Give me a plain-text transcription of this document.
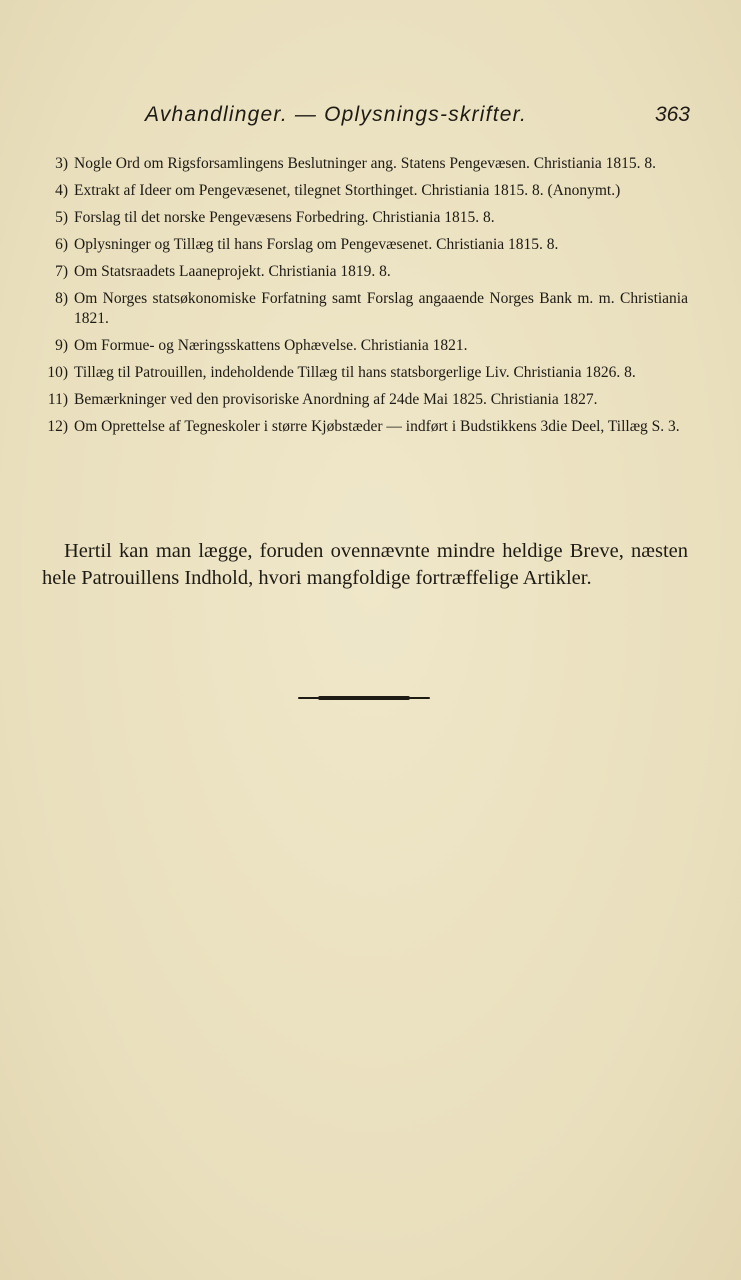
Avhandlinger. — Oplysnings-skrifter.	363
3) Nogle Ord om Rigsforsamlingens Beslutninger ang. Statens Pengevæsen. Christiania 1815. 8.
4) Extrakt af Ideer om Pengevæsenet, tilegnet Storthinget. Christiania 1815. 8. (Anonymt.)
5) Forslag til det norske Pengevæsens Forbedring. Christiania 1815. 8.
6) Oplysninger og Tillæg til hans Forslag om Pengevæsenet. Christiania 1815. 8.
7) Om Statsraadets Laaneprojekt. Christiania 1819. 8.
8) Om Norges statsøkonomiske Forfatning samt Forslag angaaende Norges Bank m. m. Christiania 1821.
9) Om Formue- og Næringsskattens Ophævelse. Christiania 1821.
10) Tillæg til Patrouillen, indeholdende Tillæg til hans statsborgerlige Liv. Christiania 1826. 8.
11) Bemærkninger ved den provisoriske Anordning af 24de Mai 1825. Christiania 1827.
12) Om Oprettelse af Tegneskoler i større Kjøbstæder — indført i Budstikkens 3die Deel, Tillæg S. 3.

Hertil kan man lægge, foruden ovennævnte mindre heldige Breve, næsten hele Patrouillens Indhold, hvori mangfoldige fortræffelige Artikler.
